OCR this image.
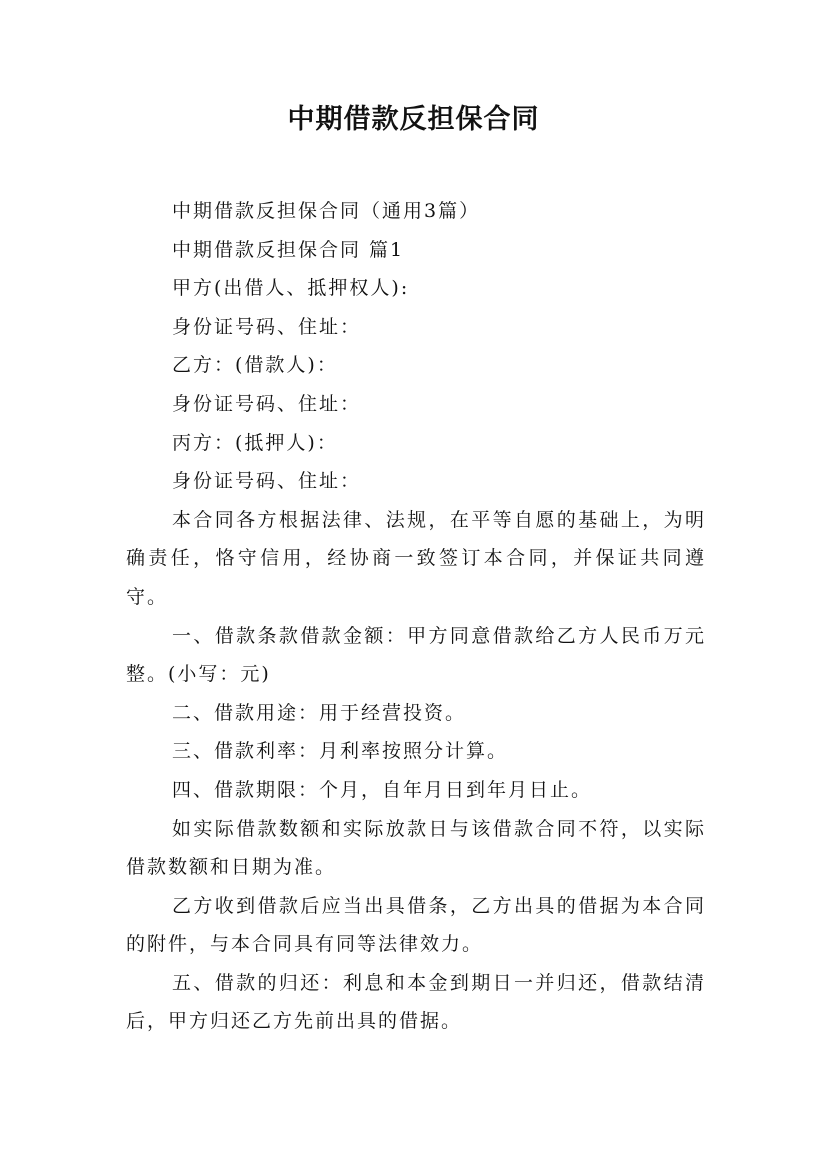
中期借款反担保合同

中期借款反担保合同（通用3篇）

中期借款反担保合同 篇1

甲方(出借人、抵押权人):

身份证号码、住址：

乙方：(借款人)：

身份证号码、住址：

丙方：(抵押人)：

身份证号码、住址：

本合同各方根据法律、法规，在平等自愿的基础上，为明确责任，恪守信用，经协商一致签订本合同，并保证共同遵守。

一、借款条款借款金额：甲方同意借款给乙方人民币万元整。(小写：元)

二、借款用途：用于经营投资。

三、借款利率：月利率按照分计算。

四、借款期限：个月，自年月日到年月日止。

如实际借款数额和实际放款日与该借款合同不符，以实际借款数额和日期为准。

乙方收到借款后应当出具借条，乙方出具的借据为本合同的附件，与本合同具有同等法律效力。

五、借款的归还：利息和本金到期日一并归还，借款结清后，甲方归还乙方先前出具的借据。
